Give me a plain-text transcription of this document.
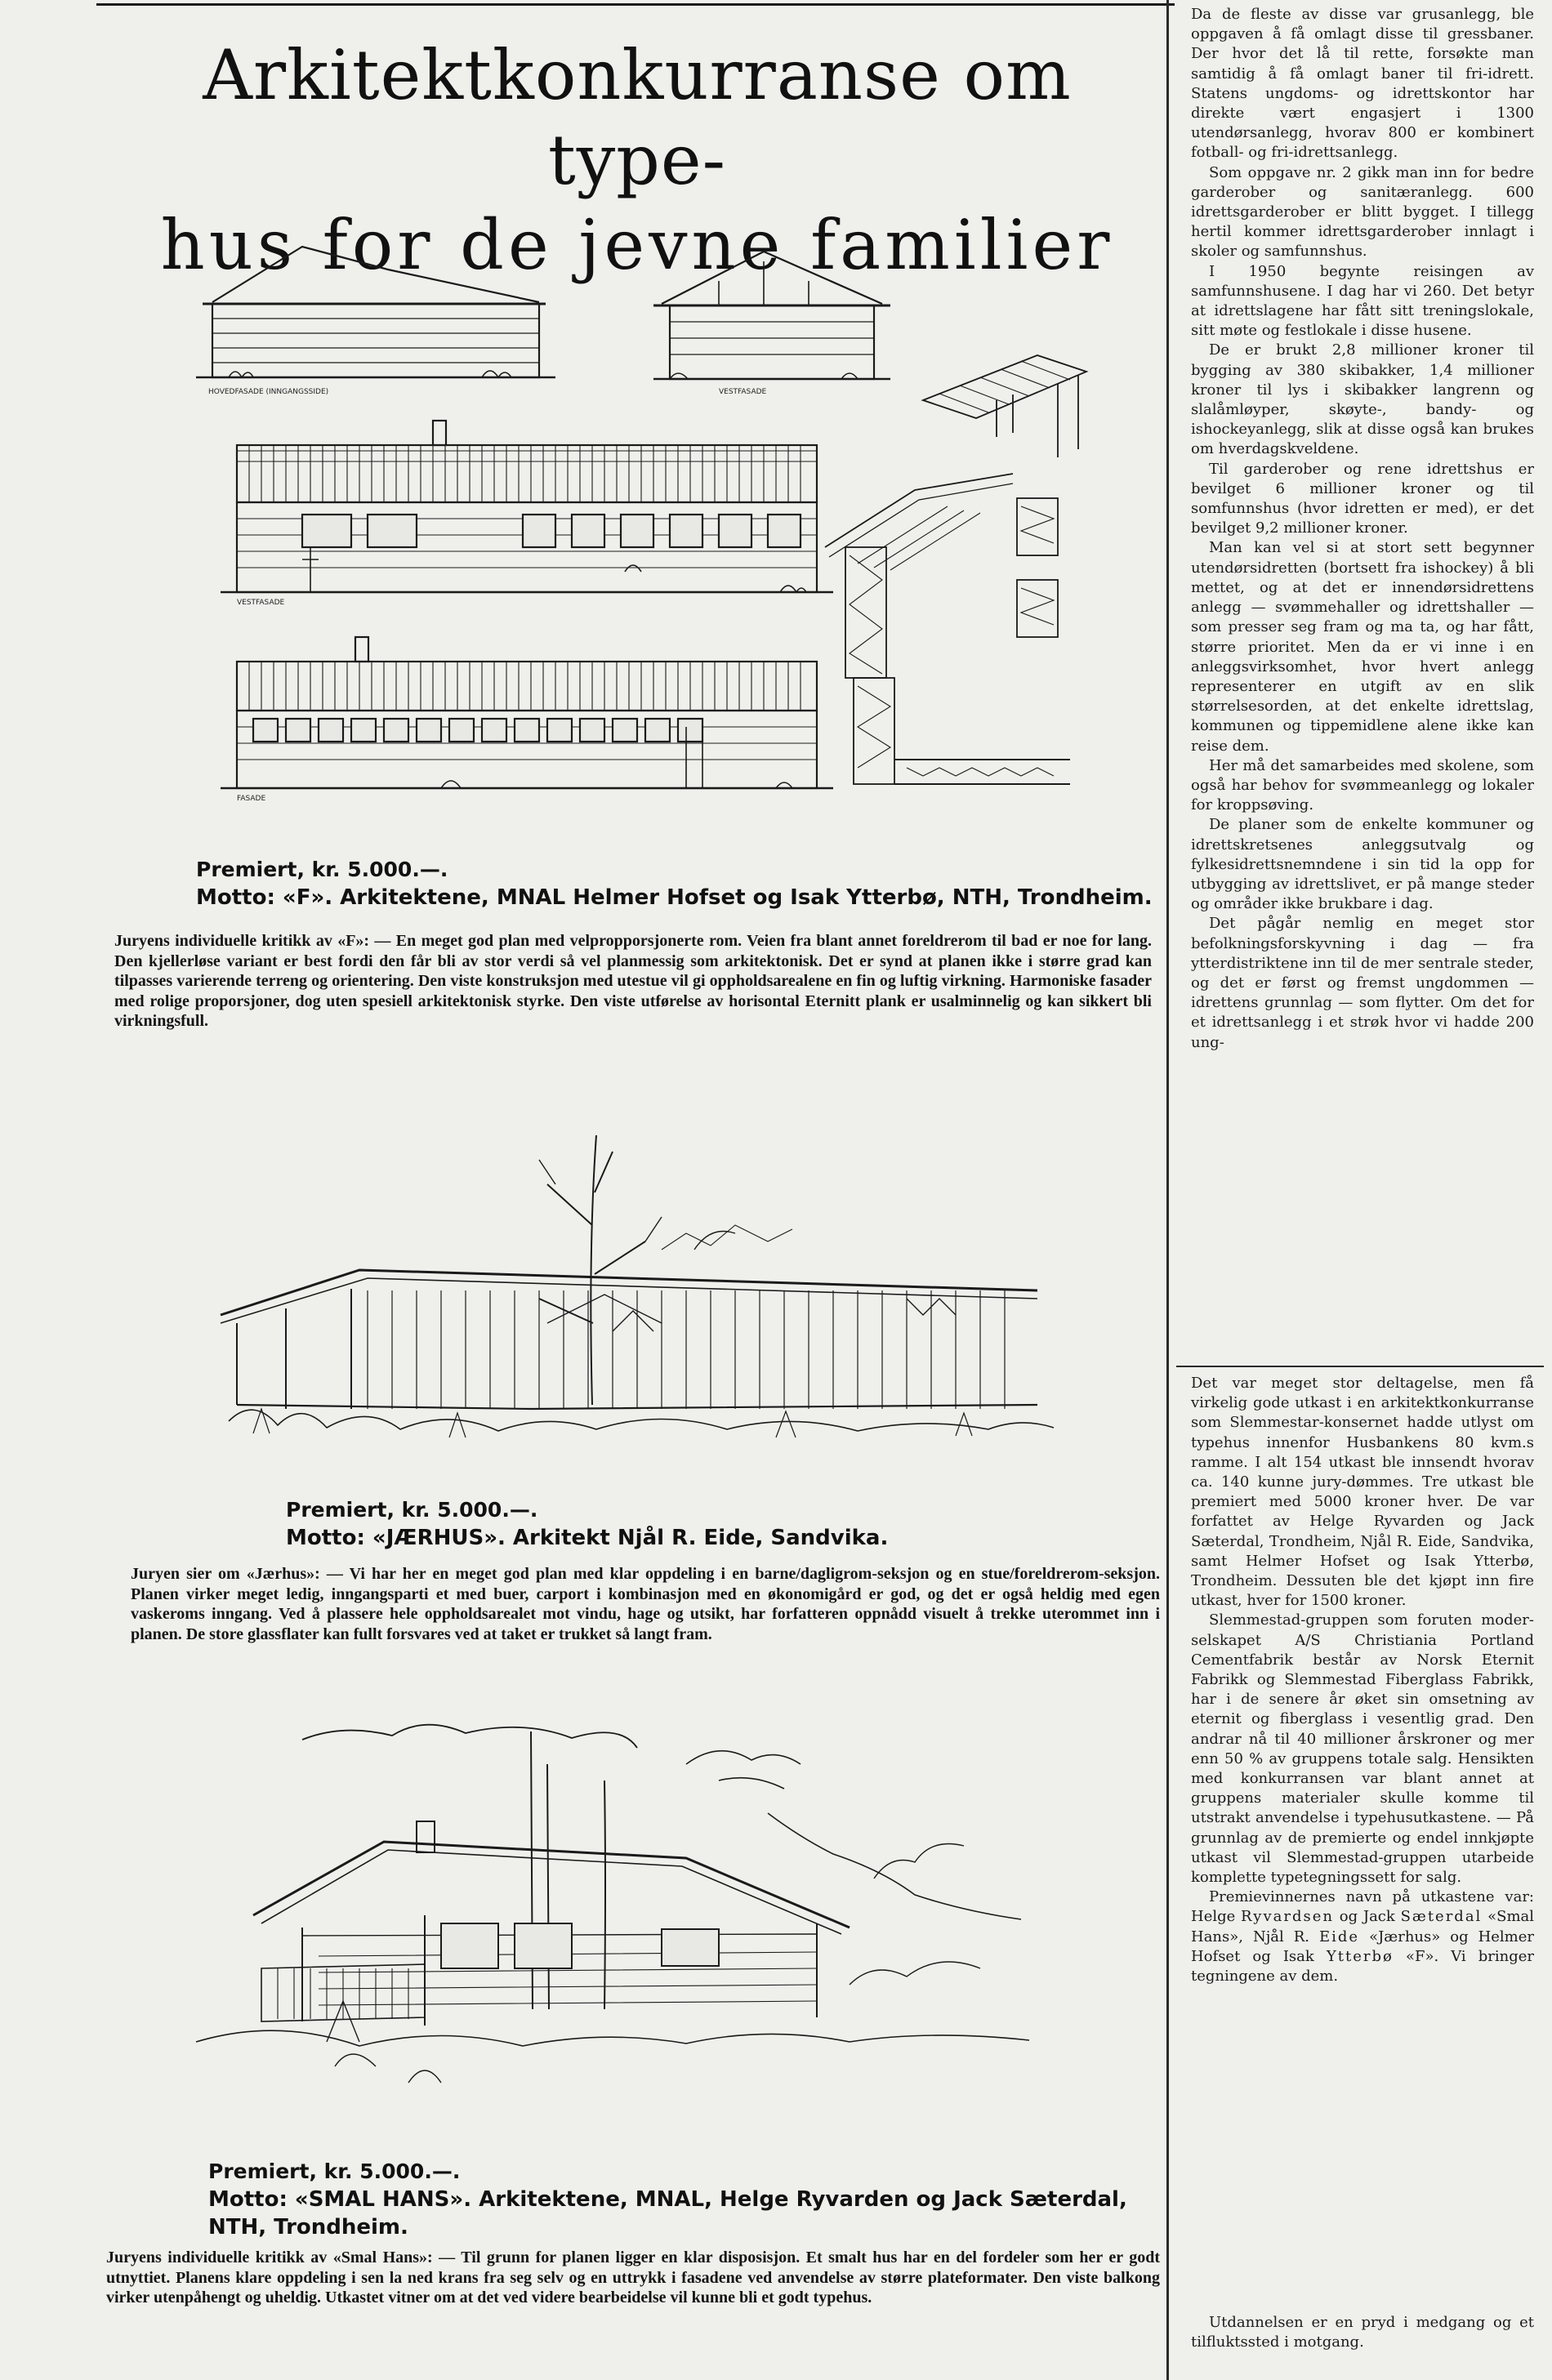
Arkitektkonkurranse om type-
hus for de jevne familier
HOVEDFASADE (INNGANGSSIDE)	VESTFASADE
VESTFASADE
FASADE
Premiert, kr. 5.000.—.
Motto: «F». Arkitektene, MNAL Helmer Hofset og Isak Ytterbø, NTH, Trondheim.

Juryens individuelle kritikk av «F»: — En meget god plan med velpropporsjonerte rom. Veien fra blant annet foreldrerom til bad er noe for lang. Den kjellerløse variant er best fordi den får bli av stor verdi så vel planmessig som arkitektonisk. Det er synd at planen ikke i større grad kan tilpasses varierende terreng og orientering. Den viste konstruksjon med utestue vil gi oppholdsarealene en fin og luftig virkning. Harmoniske fasader med rolige proporsjoner, dog uten spesiell arkitektonisk styrke. Den viste utførelse av horisontal Eternitt plank er usalminnelig og kan sikkert bli virkningsfull.

Premiert, kr. 5.000.—.
Motto: «JÆRHUS». Arkitekt Njål R. Eide, Sandvika.

Juryen sier om «Jærhus»: — Vi har her en meget god plan med klar oppdeling i en barne/dagligrom-seksjon og en stue/foreldrerom-seksjon. Planen virker meget ledig, inngangsparti et med buer, carport i kombinasjon med en økonomigård er god, og det er også heldig med egen vaskeroms inngang. Ved å plassere hele oppholdsarealet mot vindu, hage og utsikt, har forfatteren oppnådd visuelt å trekke uterommet inn i planen. De store glassflater kan fullt forsvares ved at taket er trukket så langt fram.

Premiert, kr. 5.000.—.
Motto: «SMAL HANS». Arkitektene, MNAL, Helge Ryvarden og Jack Sæterdal,
NTH, Trondheim.

Juryens individuelle kritikk av «Smal Hans»: — Til grunn for planen ligger en klar disposisjon. Et smalt hus har en del fordeler som her er godt utnyttiet. Planens klare oppdeling i sen la ned krans fra seg selv og en uttrykk i fasadene ved anvendelse av større plateformater. Den viste balkong virker utenpåhengt og uheldig. Utkastet vitner om at det ved videre bearbeidelse vil kunne bli et godt typehus.

Da de fleste av disse var grusanlegg, ble oppgaven å få omlagt disse til gressbaner. Der hvor det lå til rette, forsøkte man samtidig å få omlagt baner til fri-idrett. Statens ungdoms- og idrettskontor har direkte vært engasjert i 1300 utendørsanlegg, hvorav 800 er kombinert fotball- og fri-idrettsanlegg.

Som oppgave nr. 2 gikk man inn for bedre garderober og sanitæranlegg. 600 idrettsgarderober er blitt bygget. I tillegg hertil kommer idrettsgarderober innlagt i skoler og samfunnshus.

I 1950 begynte reisingen av samfunnshusene. I dag har vi 260. Det betyr at idrettslagene har fått sitt treningslokale, sitt møte og festlokale i disse husene.

De er brukt 2,8 millioner kroner til bygging av 380 skibakker, 1,4 millioner kroner til lys i skibakker langrenn og slalåmløyper, skøyte-, bandy- og ishockeyanlegg, slik at disse også kan brukes om hverdagskveldene.

Til garderober og rene idrettshus er bevilget 6 millioner kroner og til somfunnshus (hvor idretten er med), er det bevilget 9,2 millioner kroner.

Man kan vel si at stort sett begynner utendørsidretten (bortsett fra ishockey) å bli mettet, og at det er innendørsidrettens anlegg — svømmehaller og idrettshaller — som presser seg fram og ma ta, og har fått, større prioritet. Men da er vi inne i en anleggsvirksomhet, hvor hvert anlegg representerer en utgift av en slik størrelsesorden, at det enkelte idrettslag, kommunen og tippemidlene alene ikke kan reise dem.

Her må det samarbeides med skolene, som også har behov for svømmeanlegg og lokaler for kroppsøving.

De planer som de enkelte kommuner og idrettskretsenes anleggsutvalg og fylkesidrettsnemndene i sin tid la opp for utbygging av idrettslivet, er på mange steder og områder ikke brukbare i dag.

Det pågår nemlig en meget stor befolkningsforskyvning i dag — fra ytterdistriktene inn til de mer sentrale steder, og det er først og fremst ungdommen — idrettens grunnlag — som flytter. Om det for et idrettsanlegg i et strøk hvor vi hadde 200 ung-

Det var meget stor deltagelse, men få virkelig gode utkast i en arkitektkonkurranse som Slemmestar-konsernet hadde utlyst om typehus innenfor Husbankens 80 kvm.s ramme. I alt 154 utkast ble innsendt hvorav ca. 140 kunne jury-dømmes. Tre utkast ble premiert med 5000 kroner hver. De var forfattet av Helge Ryvarden og Jack Sæterdal, Trondheim, Njål R. Eide, Sandvika, samt Helmer Hofset og Isak Ytterbø, Trondheim. Dessuten ble det kjøpt inn fire utkast, hver for 1500 kroner.

Slemmestad-gruppen som foruten moder-selskapet A/S Christiania Portland Cementfabrik består av Norsk Eternit Fabrikk og Slemmestad Fiberglass Fabrikk, har i de senere år øket sin omsetning av eternit og fiberglass i vesentlig grad. Den andrar nå til 40 millioner årskroner og mer enn 50 % av gruppens totale salg. Hensikten med konkurransen var blant annet at gruppens materialer skulle komme til utstrakt anvendelse i typehusutkastene. — På grunnlag av de premierte og endel innkjøpte utkast vil Slemmestad-gruppen utarbeide komplette typetegningssett for salg.

Premievinnernes navn på utkastene var: Helge Ryvardsen og Jack Sæterdal «Smal Hans», Njål R. Eide «Jærhus» og Helmer Hofset og Isak Ytterbø «F». Vi bringer tegningene av dem.

Utdannelsen er en pryd i medgang og et tilfluktssted i motgang.
